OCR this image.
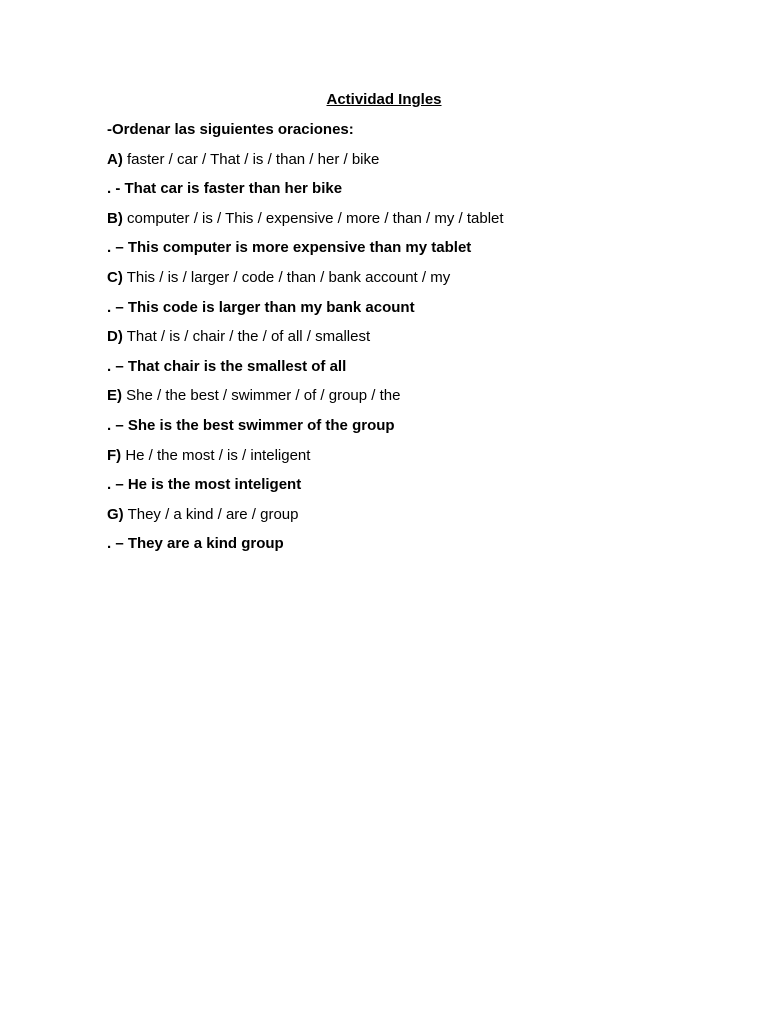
Actividad Ingles

-Ordenar las siguientes oraciones:

A) faster / car / That / is / than / her / bike

. - That car is faster than her bike

B) computer / is / This / expensive / more / than / my / tablet

. – This computer is more expensive than my tablet

C) This / is / larger / code / than / bank account / my

. – This code is larger than my bank acount

D) That / is / chair / the / of all / smallest

. – That chair is the smallest of all

E) She / the best / swimmer / of / group / the

. – She is the best swimmer of the group

F) He / the most / is / inteligent

. – He is the most inteligent

G) They / a kind / are / group

. – They are a kind group
